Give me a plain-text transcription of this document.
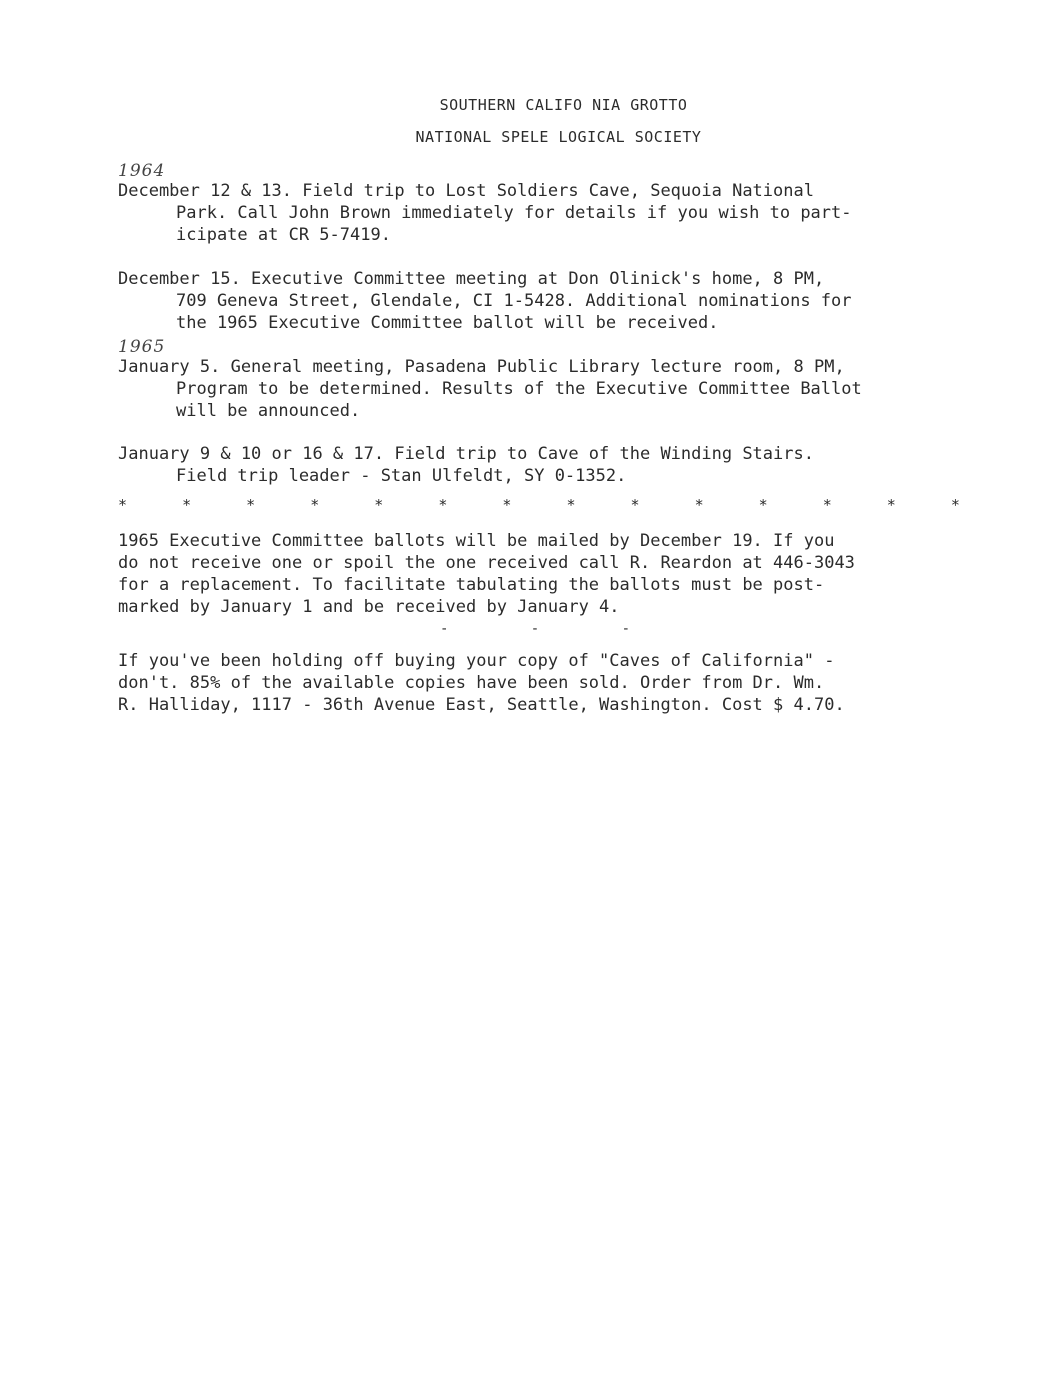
SOUTHERN CALIFO NIA GROTTO
NATIONAL SPELE LOGICAL SOCIETY
1964
December 12 & 13. Field trip to Lost Soldiers Cave, Sequoia National
Park. Call John Brown immediately for details if you wish to part-
icipate at CR 5-7419.
December 15. Executive Committee meeting at Don Olinick's home, 8 PM,
709 Geneva Street, Glendale, CI 1-5428. Additional nominations for
the 1965 Executive Committee ballot will be received.
1965
January 5. General meeting, Pasadena Public Library lecture room, 8 PM,
Program to be determined. Results of the Executive Committee Ballot
will be announced.
January 9 & 10 or 16 & 17. Field trip to Cave of the Winding Stairs.
Field trip leader - Stan Ulfeldt, SY 0-1352.
*	*	*	*	*	*	*	*	*	*	*	*	*	*
1965 Executive Committee ballots will be mailed by December 19. If you
do not receive one or spoil the one received call R. Reardon at 446-3043
for a replacement. To facilitate tabulating the ballots must be post-
marked by January 1 and be received by January 4.
-	-	-
If you've been holding off buying your copy of "Caves of California" -
don't. 85% of the available copies have been sold. Order from Dr. Wm.
R. Halliday, 1117 - 36th Avenue East, Seattle, Washington. Cost $ 4.70.
